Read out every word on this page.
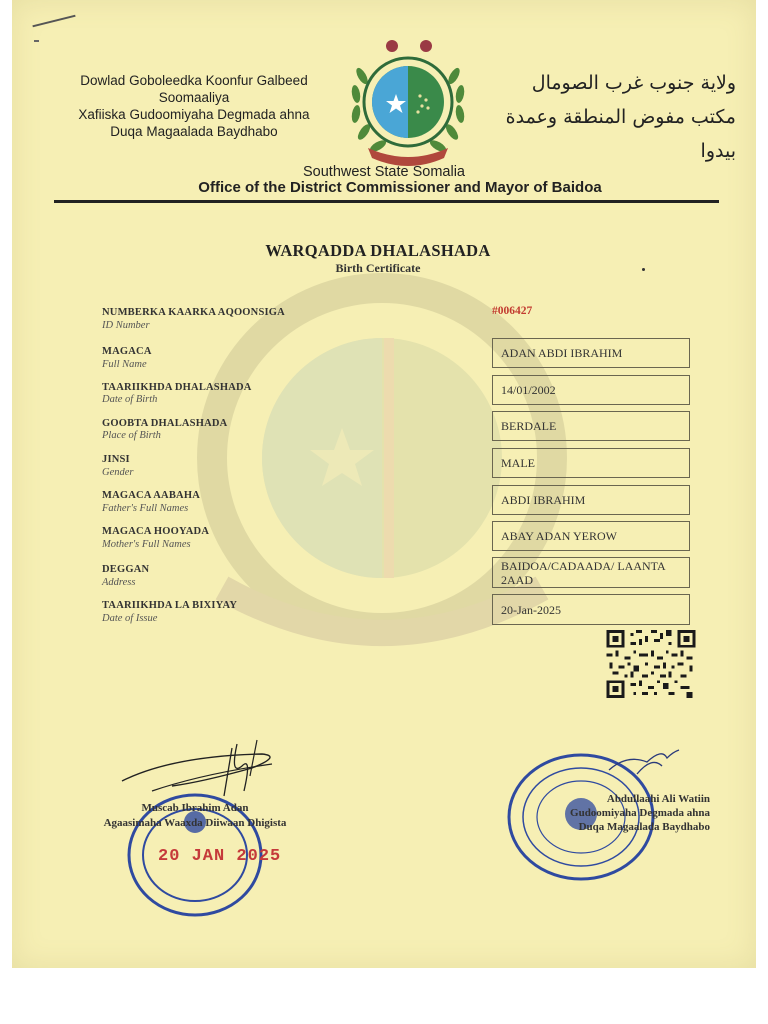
Dowlad Goboleedka Koonfur Galbeed
Soomaaliya
Xafiiska Gudoomiyaha Degmada ahna
Duqa Magaalada Baydhabo
ولاية جنوب غرب الصومال
مكتب مفوض المنطقة وعمدة بيدوا
Southwest State Somalia
Office of the District Commissioner and Mayor of Baidoa
WARQADDA DHALASHADA
Birth Certificate
NUMBERKA KAARKA AQOONSIGA
ID Number
#006427
MAGACA
Full Name
ADAN ABDI IBRAHIM
TAARIIKHDA DHALASHADA
Date of Birth
14/01/2002
GOOBTA DHALASHADA
Place of Birth
BERDALE
JINSI
Gender
MALE
MAGACA AABAHA
Father's Full Names
ABDI IBRAHIM
MAGACA HOOYADA
Mother's Full Names
ABAY ADAN YEROW
DEGGAN
Address
BAIDOA/CADAADA/ LAANTA 2AAD
TAARIIKHDA LA BIXIYAY
Date of Issue
20-Jan-2025
20 JAN 2025
Muscab Ibrahim Adan
Agaasimaha Waaxda Diiwaan Dhigista
Abdullaahi Ali Watiin
Gudoomiyaha Degmada ahna
Duqa Magaalada Baydhabo
